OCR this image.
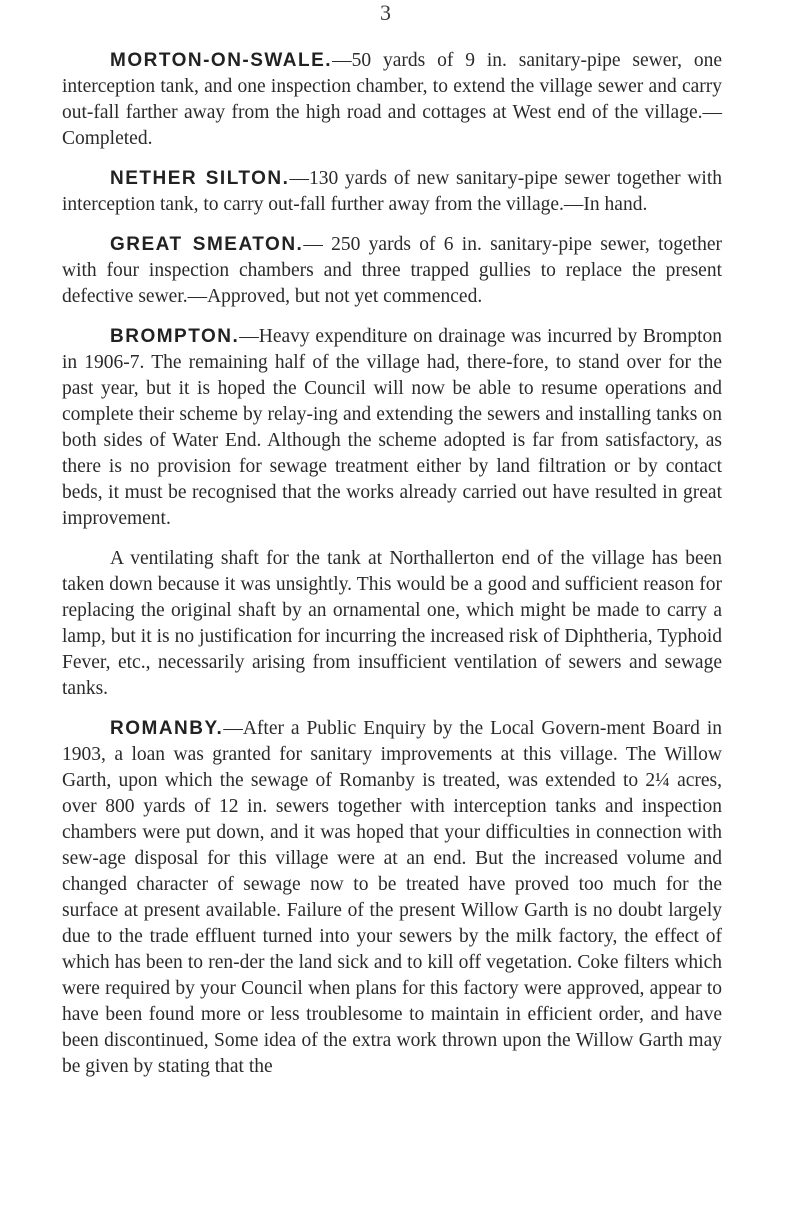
3

MORTON-ON-SWALE.—50 yards of 9 in. sanitary-pipe sewer, one interception tank, and one inspection chamber, to extend the village sewer and carry out-fall farther away from the high road and cottages at West end of the village.—Completed.

NETHER SILTON.—130 yards of new sanitary-pipe sewer together with interception tank, to carry out-fall further away from the village.—In hand.

GREAT SMEATON.— 250 yards of 6 in. sanitary-pipe sewer, together with four inspection chambers and three trapped gullies to replace the present defective sewer.—Approved, but not yet commenced.

BROMPTON.—Heavy expenditure on drainage was incurred by Brompton in 1906-7. The remaining half of the village had, there-fore, to stand over for the past year, but it is hoped the Council will now be able to resume operations and complete their scheme by relay-ing and extending the sewers and installing tanks on both sides of Water End. Although the scheme adopted is far from satisfactory, as there is no provision for sewage treatment either by land filtration or by contact beds, it must be recognised that the works already carried out have resulted in great improvement.

A ventilating shaft for the tank at Northallerton end of the village has been taken down because it was unsightly. This would be a good and sufficient reason for replacing the original shaft by an ornamental one, which might be made to carry a lamp, but it is no justification for incurring the increased risk of Diphtheria, Typhoid Fever, etc., necessarily arising from insufficient ventilation of sewers and sewage tanks.

ROMANBY.—After a Public Enquiry by the Local Govern-ment Board in 1903, a loan was granted for sanitary improvements at this village. The Willow Garth, upon which the sewage of Romanby is treated, was extended to 2¼ acres, over 800 yards of 12 in. sewers together with interception tanks and inspection chambers were put down, and it was hoped that your difficulties in connection with sew-age disposal for this village were at an end. But the increased volume and changed character of sewage now to be treated have proved too much for the surface at present available. Failure of the present Willow Garth is no doubt largely due to the trade effluent turned into your sewers by the milk factory, the effect of which has been to ren-der the land sick and to kill off vegetation. Coke filters which were required by your Council when plans for this factory were approved, appear to have been found more or less troublesome to maintain in efficient order, and have been discontinued, Some idea of the extra work thrown upon the Willow Garth may be given by stating that the
